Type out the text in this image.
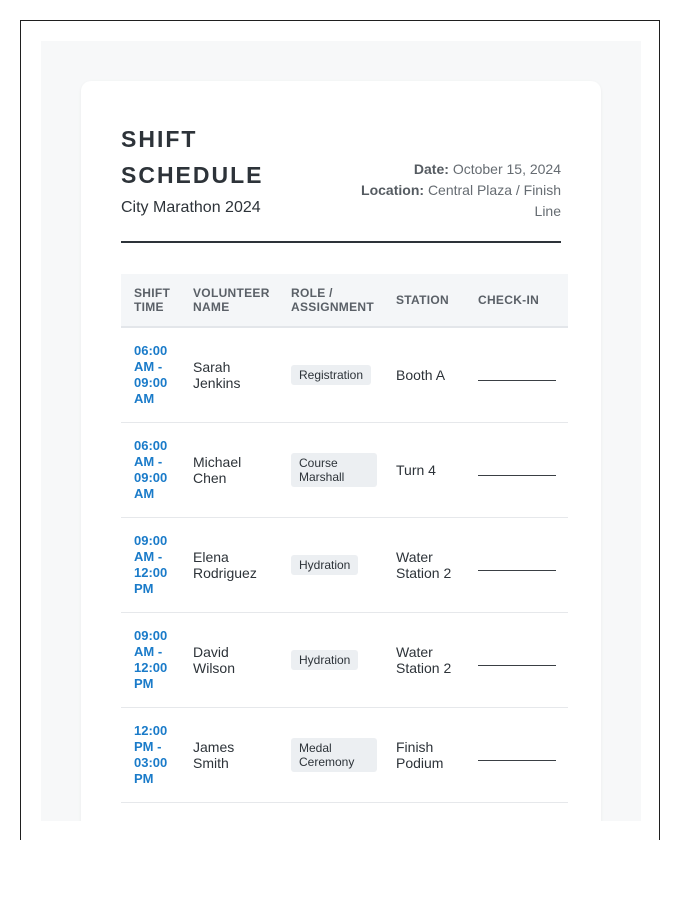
SHIFT SCHEDULE
City Marathon 2024
Date: October 15, 2024
Location: Central Plaza / Finish Line
SHIFT TIME	VOLUNTEER NAME	ROLE / ASSIGNMENT	STATION	CHECK-IN
06:00 AM - 09:00 AM	Sarah Jenkins	Registration	Booth A	

06:00 AM - 09:00 AM	Michael Chen	Course Marshall	Turn 4	

09:00 AM - 12:00 PM	Elena Rodriguez	Hydration	Water Station 2	

09:00 AM - 12:00 PM	David Wilson	Hydration	Water Station 2	

12:00 PM - 03:00 PM	James Smith	Medal Ceremony	Finish Podium	
